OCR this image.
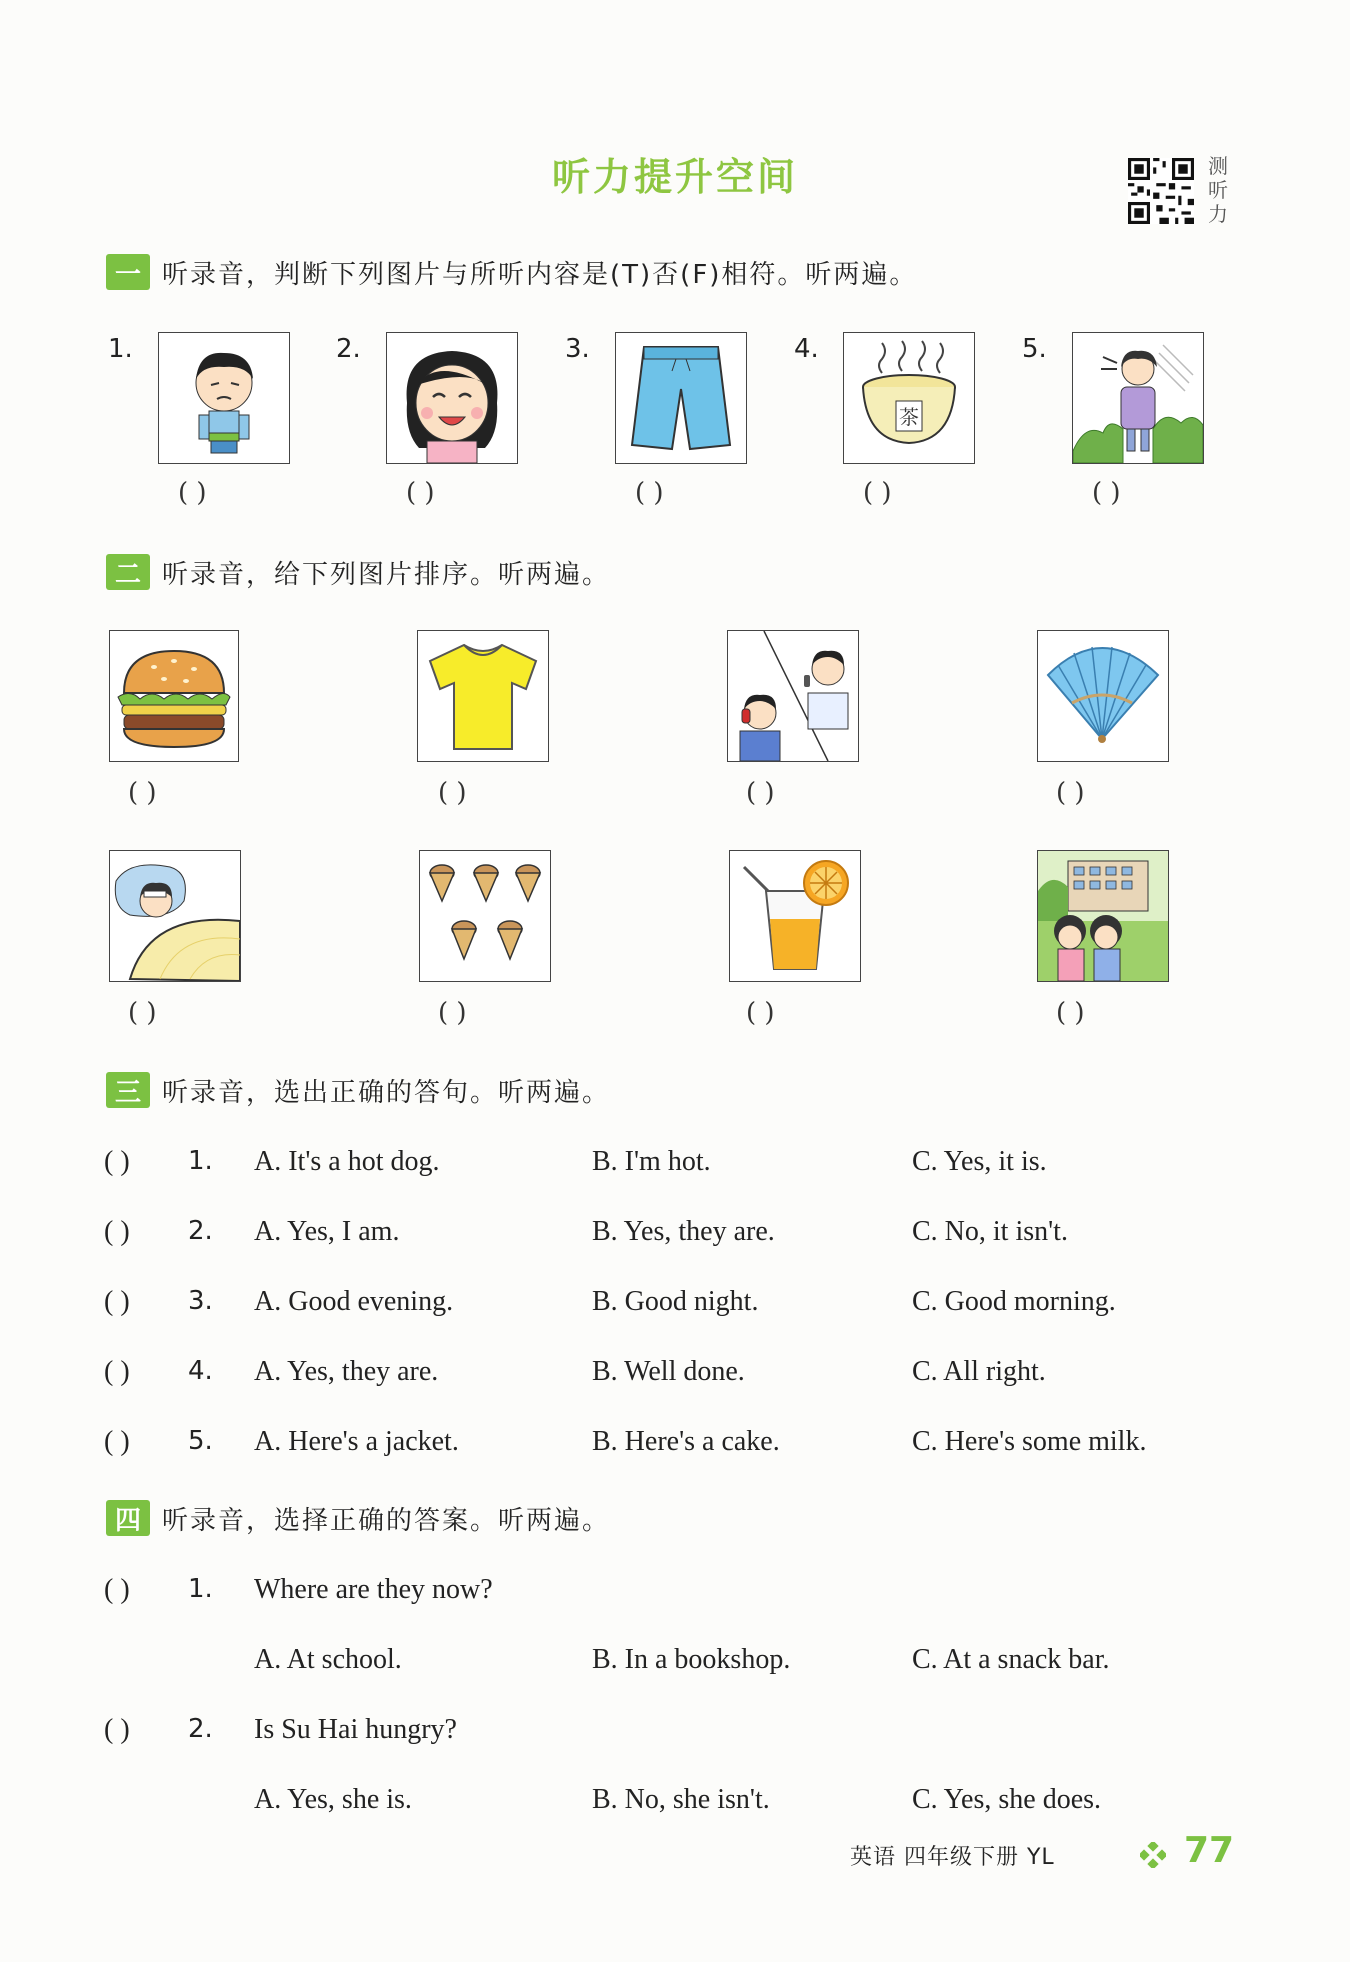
听力提升空间	测听力
一 听录音，判断下列图片与所听内容是(T)否(F)相符。听两遍。
1.	2.	3.	4.	5.
茶
( )	( )	( )	( )	( )
二 听录音，给下列图片排序。听两遍。
( )	( )	( )	( )
( )	( )	( )	( )
三 听录音，选出正确的答句。听两遍。
( ) 1. A. It's a hot dog.	B. I'm hot.	C. Yes, it is.
( ) 2. A. Yes, I am.	B. Yes, they are.	C. No, it isn't.
( ) 3. A. Good evening.	B. Good night.	C. Good morning.
( ) 4. A. Yes, they are.	B. Well done.	C. All right.
( ) 5. A. Here's a jacket.	B. Here's a cake.	C. Here's some milk.
四 听录音，选择正确的答案。听两遍。
( ) 1. Where are they now?
A. At school.	B. In a bookshop.	C. At a snack bar.
( ) 2. Is Su Hai hungry?
A. Yes, she is.	B. No, she isn't.	C. Yes, she does.
英语 四年级下册 YL	77
